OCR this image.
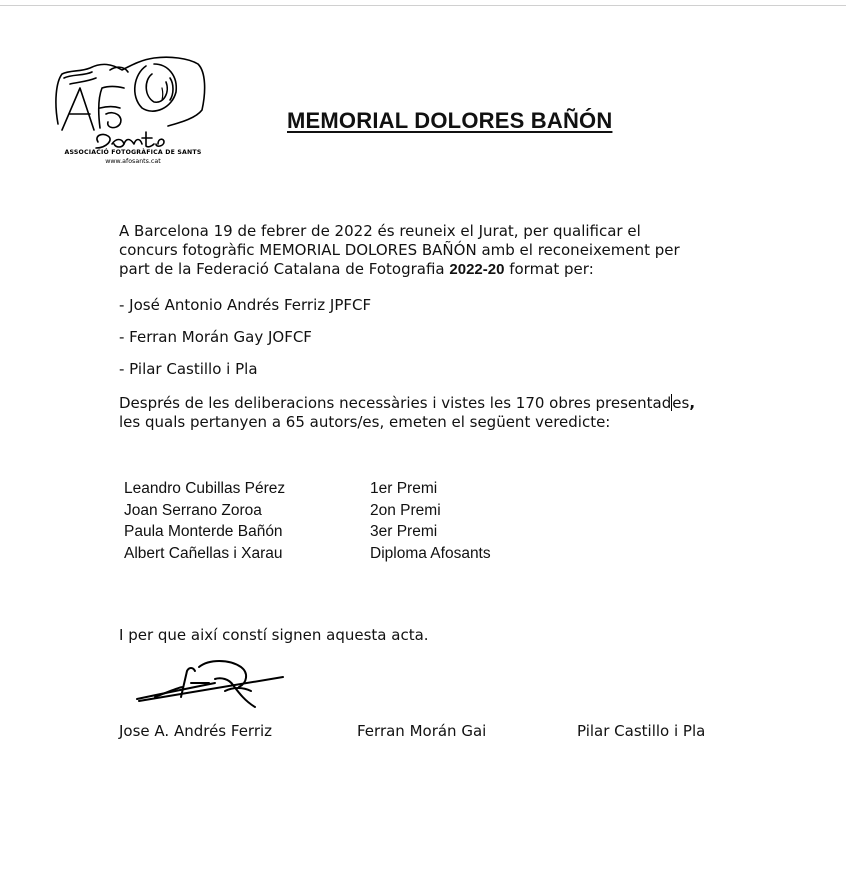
ASSOCIACIÓ FOTOGRÀFICA DE SANTS
www.afosants.cat
MEMORIAL DOLORES BAÑÓN
A Barcelona 19 de febrer de 2022 és reuneix el Jurat, per qualificar el
concurs fotogràfic MEMORIAL DOLORES BAÑÓN amb el reconeixement per
part de la Federació Catalana de Fotografia 2022-20 format per:
- José Antonio Andrés Ferriz JPFCF
- Ferran Morán Gay JOFCF
- Pilar Castillo i Pla
Després de les deliberacions necessàries i vistes les 170 obres presentades,
les quals pertanyen a 65 autors/es, emeten el següent veredicte:
Leandro Cubillas Pérez	1er Premi
Joan Serrano Zoroa	2on Premi
Paula Monterde Bañón	3er Premi
Albert Cañellas i Xarau	Diploma Afosants
I per que així constí signen aquesta acta.
Jose A. Andrés Ferriz	Ferran Morán Gai	Pilar Castillo i Pla
